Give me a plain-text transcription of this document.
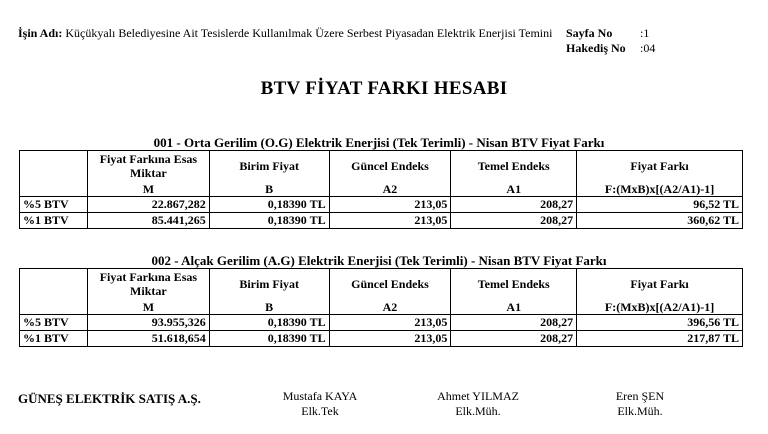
İşin Adı: Küçükyalı Belediyesine Ait Tesislerde Kullanılmak Üzere Serbest Piyasadan Elektrik Enerjisi Temini	Sayfa No	:1
Hakediş No	:04
BTV FİYAT FARKI HESABI
001 - Orta Gerilim (O.G) Elektrik Enerjisi (Tek Terimli) - Nisan BTV Fiyat Farkı
	Fiyat Farkına Esas Miktar	Birim Fiyat	Güncel Endeks	Temel Endeks	Fiyat Farkı
	M	B	A2	A1	F:(MxB)x[(A2/A1)-1]
%5 BTV	22.867,282	0,18390 TL	213,05	208,27	96,52 TL
%1 BTV	85.441,265	0,18390 TL	213,05	208,27	360,62 TL
002 - Alçak Gerilim (A.G) Elektrik Enerjisi (Tek Terimli) - Nisan BTV Fiyat Farkı
	Fiyat Farkına Esas Miktar	Birim Fiyat	Güncel Endeks	Temel Endeks	Fiyat Farkı
	M	B	A2	A1	F:(MxB)x[(A2/A1)-1]
%5 BTV	93.955,326	0,18390 TL	213,05	208,27	396,56 TL
%1 BTV	51.618,654	0,18390 TL	213,05	208,27	217,87 TL
GÜNEŞ ELEKTRİK SATIŞ A.Ş.	Mustafa KAYA
Elk.Tek
Ahmet YILMAZ
Elk.Müh.
Eren ŞEN
Elk.Müh.
